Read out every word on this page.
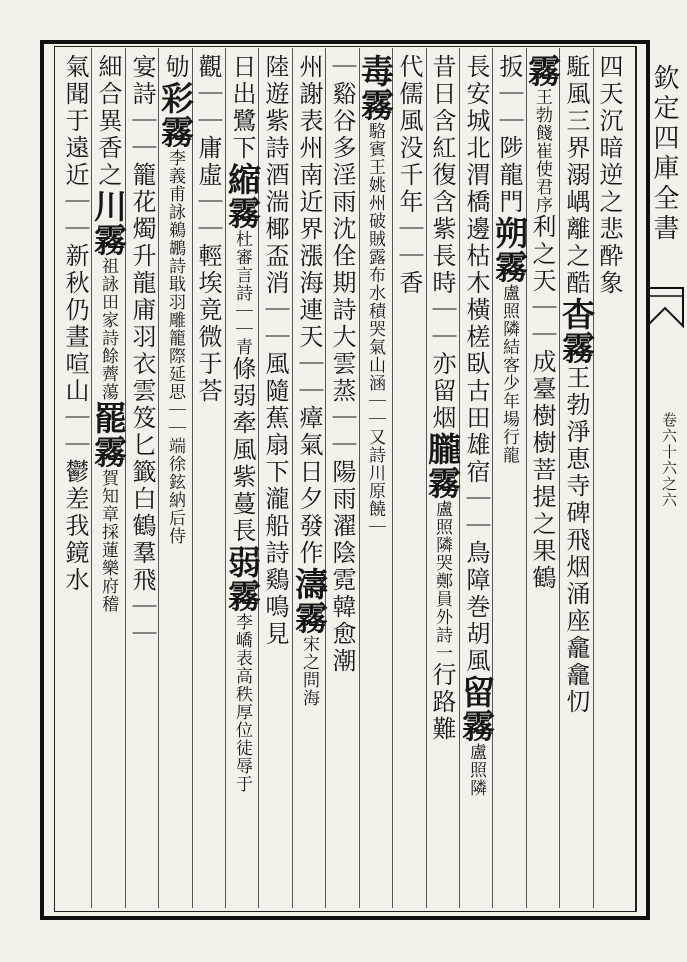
欽定四庫全書
卷六十六之六
四天沉暗逆之悲酔象
駈風三界溺嵎離之酷杳霧王勃淨恵寺碑飛烟涌座龕龕忉
霧王勃餞崔使君序利之天｜｜成臺樹樹菩提之果鶴
扳｜｜陟龍門朔霧盧照隣結客少年場行龍
長安城北渭橋邊枯木橫槎臥古田雄宿｜｜鳥障巻胡風留霧盧照隣
昔日含紅復含紫長時｜｜亦留烟朧霧盧照隣哭鄭員外詩一行路難
代儒風没千年｜｜香
毒霧駱賓王姚州破賊露布水積哭氣山涵｜｜又詩川原饒｜
｜谿谷多淫雨沈佺期詩大雲蒸｜｜陽雨濯陰霓韓愈潮
州謝表州南近界漲海連天｜｜瘴氣日夕發作濤霧宋之問海
陸遊紫詩酒湍椰盃消｜｜風隨蕉扇下瀧船詩鷄鳴見
日出鷺下縮霧杜審言詩｜｜青條弱牽風紫蔓長弱霧李嶠表高秩厚位徒辱于
觀｜｜庸虛｜｜輕埃竟微于荅
劬彩霧李義甫詠鵜鶘詩戢羽雕籠際延思｜｜端徐鉉納后侍
宴詩｜｜籠花燭升龍庯羽衣雲笈匕籤白鶴羣飛｜｜
細合異香之川霧祖詠田家詩餘薺蕩罷霧賀知章採蓮樂府稽
氣聞于遠近｜｜新秋仍晝喧山｜｜鬱差我鏡水
